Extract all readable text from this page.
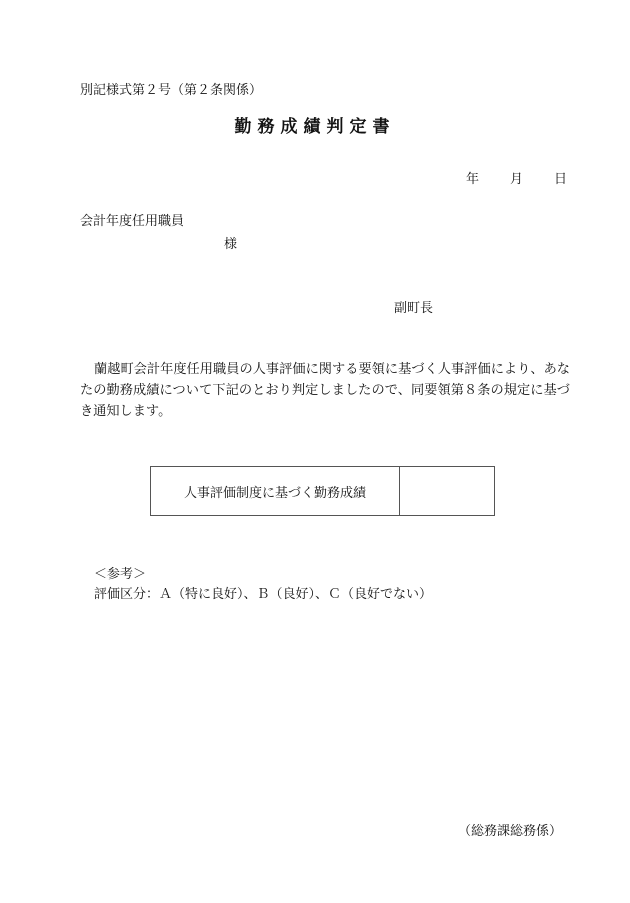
別記様式第２号（第２条関係）
勤務成績判定書
年 月 日
会計年度任用職員
様
副町長
蘭越町会計年度任用職員の人事評価に関する要領に基づく人事評価により、あなたの勤務成績について下記のとおり判定しましたので、同要領第８条の規定に基づき通知します。
人事評価制度に基づく勤務成績	
＜参考＞
評価区分：Ａ（特に良好）、Ｂ（良好）、Ｃ（良好でない）
（総務課総務係）
